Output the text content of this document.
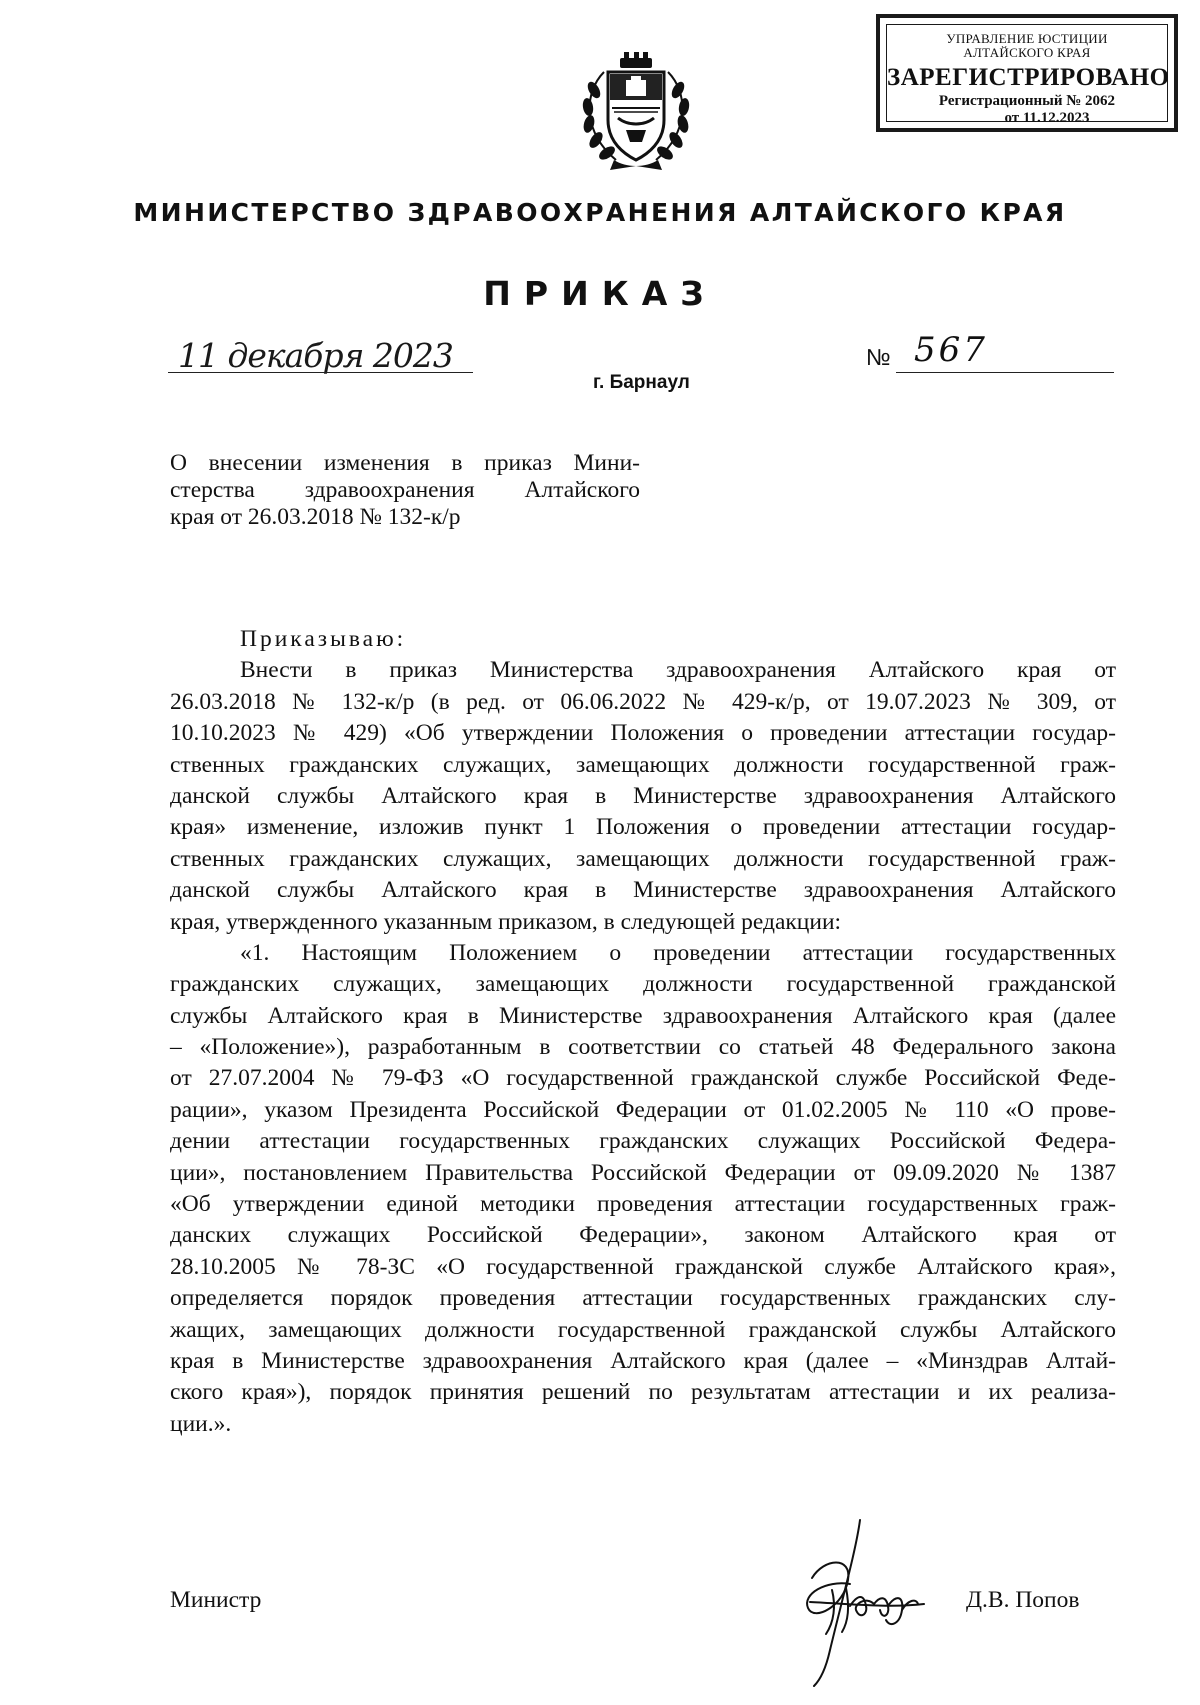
УПРАВЛЕНИЕ ЮСТИЦИИ
АЛТАЙСКОГО КРАЯ
ЗАРЕГИСТРИРОВАНО
Регистрационный № 2062
от 11.12.2023
МИНИСТЕРСТВО ЗДРАВООХРАНЕНИЯ АЛТАЙСКОГО КРАЯ
ПРИКАЗ
11 декабря 2023
г. Барнаул
№ 567
О внесении изменения в приказ Мини-
стерства здравоохранения Алтайского
края от 26.03.2018 № 132-к/р
Приказываю:
Внести в приказ Министерства здравоохранения Алтайского края от
26.03.2018 № 132-к/р (в ред. от 06.06.2022 № 429-к/р, от 19.07.2023 № 309, от
10.10.2023 № 429) «Об утверждении Положения о проведении аттестации государ-
ственных гражданских служащих, замещающих должности государственной граж-
данской службы Алтайского края в Министерстве здравоохранения Алтайского
края» изменение, изложив пункт 1 Положения о проведении аттестации государ-
ственных гражданских служащих, замещающих должности государственной граж-
данской службы Алтайского края в Министерстве здравоохранения Алтайского
края, утвержденного указанным приказом, в следующей редакции:
«1. Настоящим Положением о проведении аттестации государственных
гражданских служащих, замещающих должности государственной гражданской
службы Алтайского края в Министерстве здравоохранения Алтайского края (далее
– «Положение»), разработанным в соответствии со статьей 48 Федерального закона
от 27.07.2004 № 79-ФЗ «О государственной гражданской службе Российской Феде-
рации», указом Президента Российской Федерации от 01.02.2005 № 110 «О прове-
дении аттестации государственных гражданских служащих Российской Федера-
ции», постановлением Правительства Российской Федерации от 09.09.2020 № 1387
«Об утверждении единой методики проведения аттестации государственных граж-
данских служащих Российской Федерации», законом Алтайского края от
28.10.2005 № 78-ЗС «О государственной гражданской службе Алтайского края»,
определяется порядок проведения аттестации государственных гражданских слу-
жащих, замещающих должности государственной гражданской службы Алтайского
края в Министерстве здравоохранения Алтайского края (далее – «Минздрав Алтай-
ского края»), порядок принятия решений по результатам аттестации и их реализа-
ции.».
Министр	Д.В. Попов
